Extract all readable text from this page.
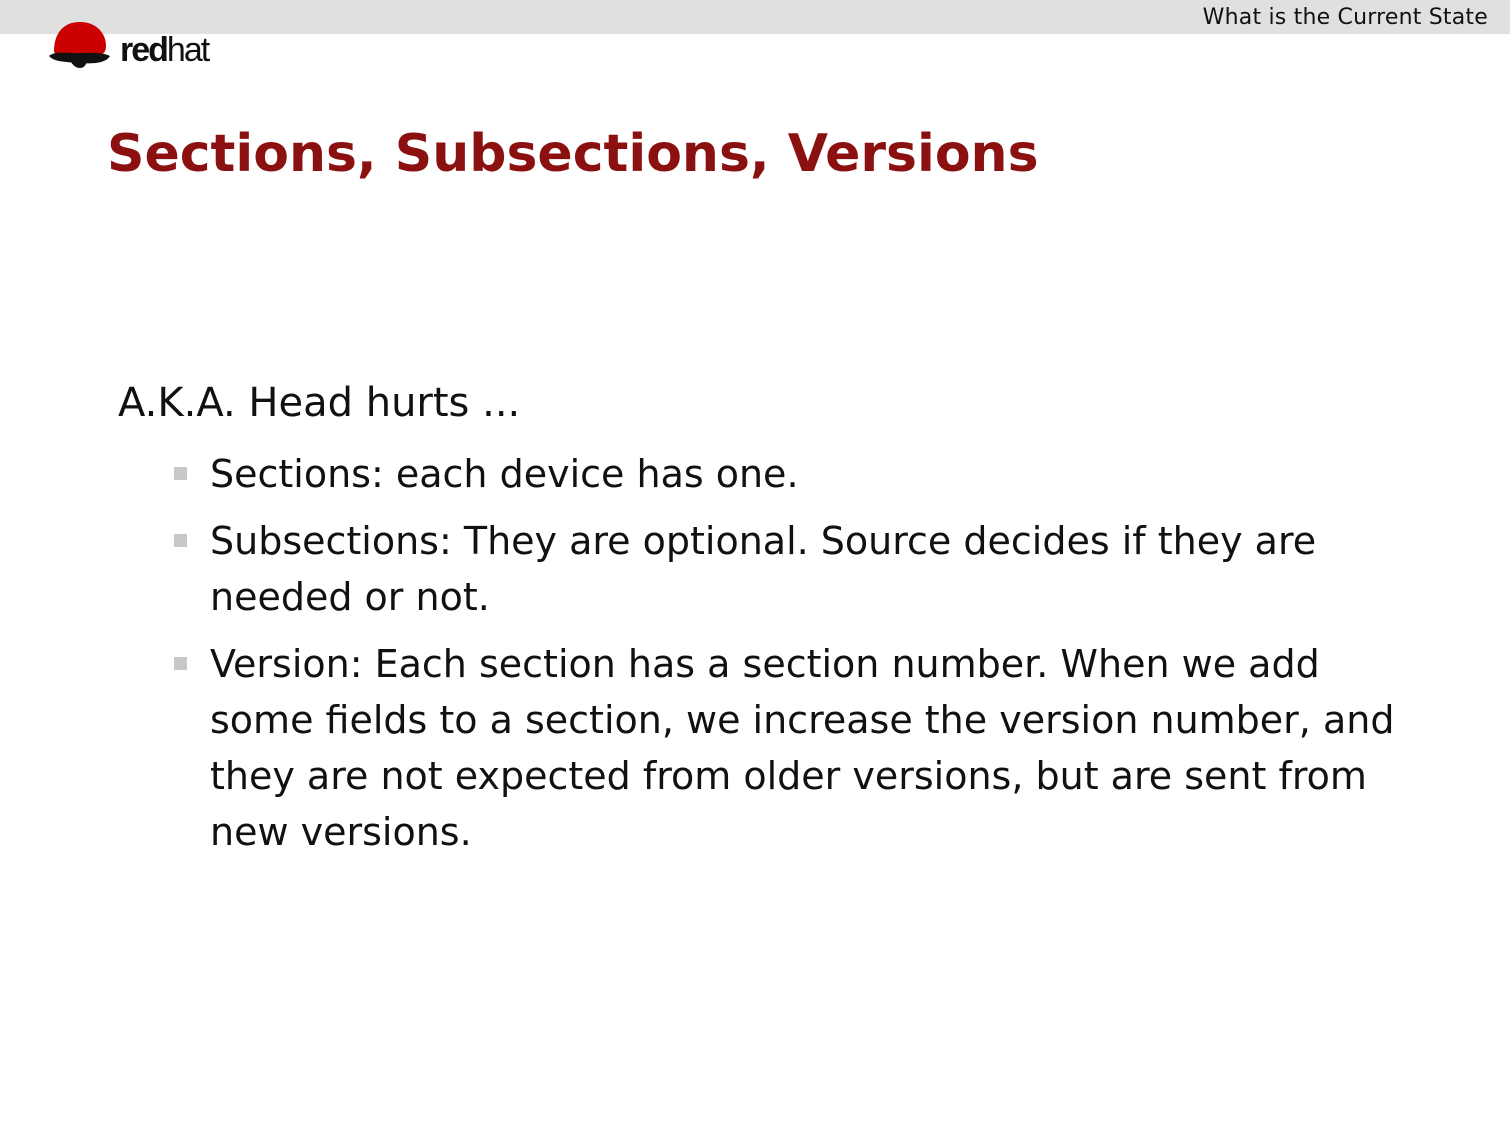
What is the Current State
redhat
Sections, Subsections, Versions

A.K.A. Head hurts ...

Sections: each device has one.
Subsections: They are optional. Source decides if they are needed or not.
Version: Each section has a section number. When we add some fields to a section, we increase the version number, and they are not expected from older versions, but are sent from new versions.
